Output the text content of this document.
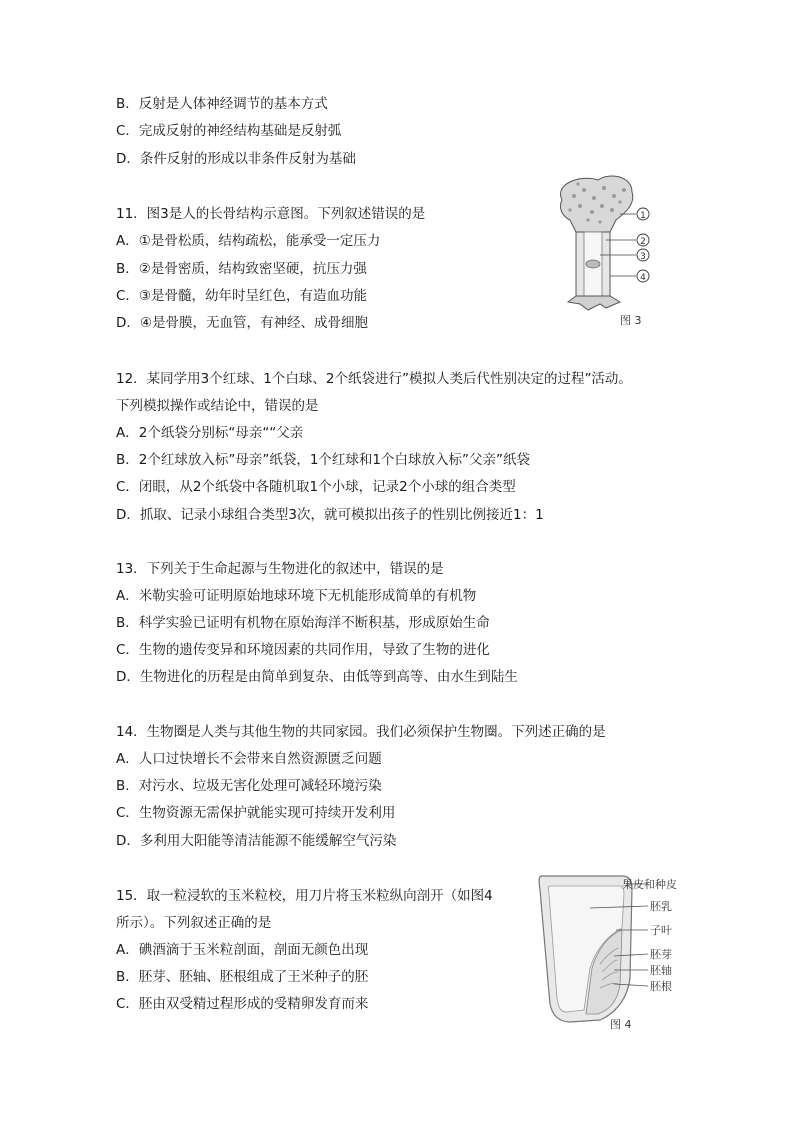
B．反射是人体神经调节的基本方式
C．完成反射的神经结构基础是反射弧
D．条件反射的形成以非条件反射为基础
11．图3是人的长骨结构示意图。下列叙述错误的是
A．①是骨松质，结构疏松，能承受一定压力
B．②是骨密质，结构致密坚硬，抗压力强
C．③是骨髓，幼年时呈红色，有造血功能
D．④是骨膜，无血管，有神经、成骨细胞
1
2
3
4
图 3
12．某同学用3个红球、1个白球、2个纸袋进行”模拟人类后代性别决定的过程”活动。
下列模拟操作或结论中，错误的是
A．2个纸袋分别标“母亲““父亲
B．2个红球放入标”母亲”纸袋，1个红球和1个白球放入标”父亲”纸袋
C．闭眼，从2个纸袋中各随机取1个小球，记录2个小球的组合类型
D．抓取、记录小球组合类型3次，就可模拟出孩子的性别比例接近1：1
13．下列关于生命起源与生物进化的叙述中，错误的是
A．米勒实验可证明原始地球环境下无机能形成简单的有机物
B．科学实验已证明有机物在原始海洋不断积基，形成原始生命
C．生物的遗传变异和环境因素的共同作用，导致了生物的进化
D．生物进化的历程是由简单到复杂、由低等到高等、由水生到陆生
14．生物圈是人类与其他生物的共同家园。我们必须保护生物圈。下列述正确的是
A．人口过快增长不会带来自然资源匮乏问题
B．对污水、垃圾无害化处理可减轻环境污染
C．生物资源无需保护就能实现可持续开发利用
D．多利用大阳能等清洁能源不能缓解空气污染
15．取一粒浸软的玉米粒校，用刀片将玉米粒纵向剖开（如图4
所示）。下列叙述正确的是
A．碘酒滴于玉米粒剖面，剖面无颜色出现
B．胚芽、胚轴、胚根组成了王米种子的胚
C．胚由双受精过程形成的受精卵发育而来
果皮和种皮
胚乳
子叶
胚芽
胚轴
胚根
图 4
